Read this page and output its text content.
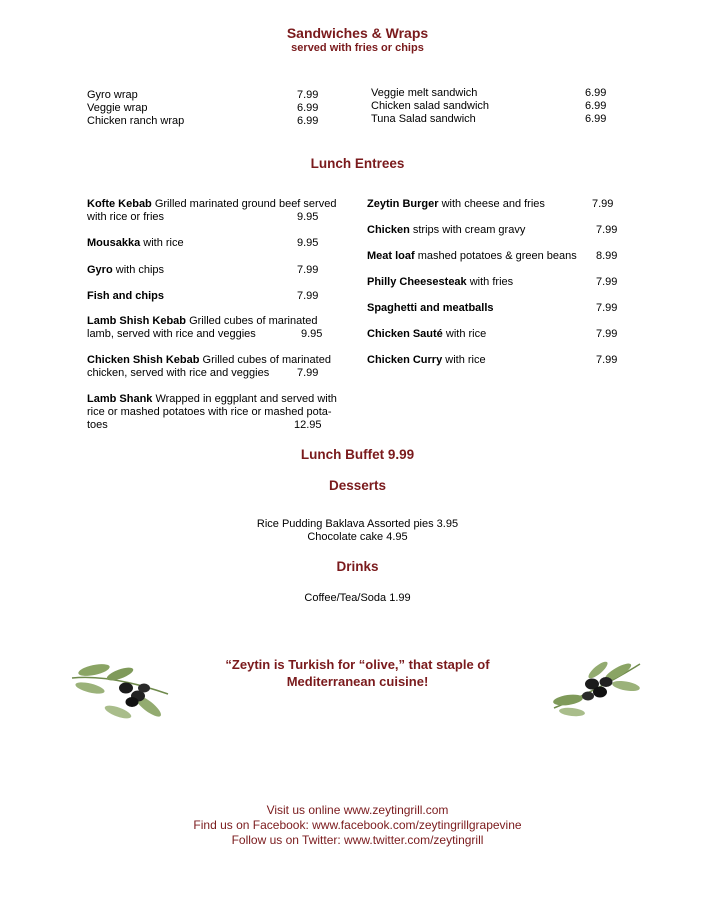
Sandwiches & Wraps
served with fries or chips
Gyro wrap	7.99
Veggie wrap	6.99
Chicken ranch wrap	6.99
Veggie melt sandwich	6.99
Chicken salad sandwich	6.99
Tuna Salad sandwich	6.99
Lunch Entrees
Kofte Kebab Grilled marinated ground beef served
with rice or fries	9.95
Mousakka with rice	9.95
Gyro with chips	7.99
Fish and chips	7.99
Lamb Shish Kebab Grilled cubes of marinated
lamb, served with rice and veggies	9.95
Chicken Shish Kebab Grilled cubes of marinated
chicken, served with rice and veggies	7.99
Lamb Shank Wrapped in eggplant and served with
rice or mashed potatoes with rice or mashed pota-
toes	12.95
Zeytin Burger with cheese and fries	7.99
Chicken strips with cream gravy	7.99
Meat loaf mashed potatoes & green beans 8.99
Philly Cheesesteak with fries	7.99
Spaghetti and meatballs	7.99
Chicken Sauté with rice	7.99
Chicken Curry with rice	7.99
Lunch Buffet 9.99
Desserts
Rice Pudding Baklava Assorted pies 3.95
Chocolate cake 4.95
Drinks
Coffee/Tea/Soda 1.99
“Zeytin is Turkish for “olive,” that staple of
Mediterranean cuisine!
Visit us online www.zeytingrill.com
Find us on Facebook: www.facebook.com/zeytingrillgrapevine
Follow us on Twitter: www.twitter.com/zeytingrill
